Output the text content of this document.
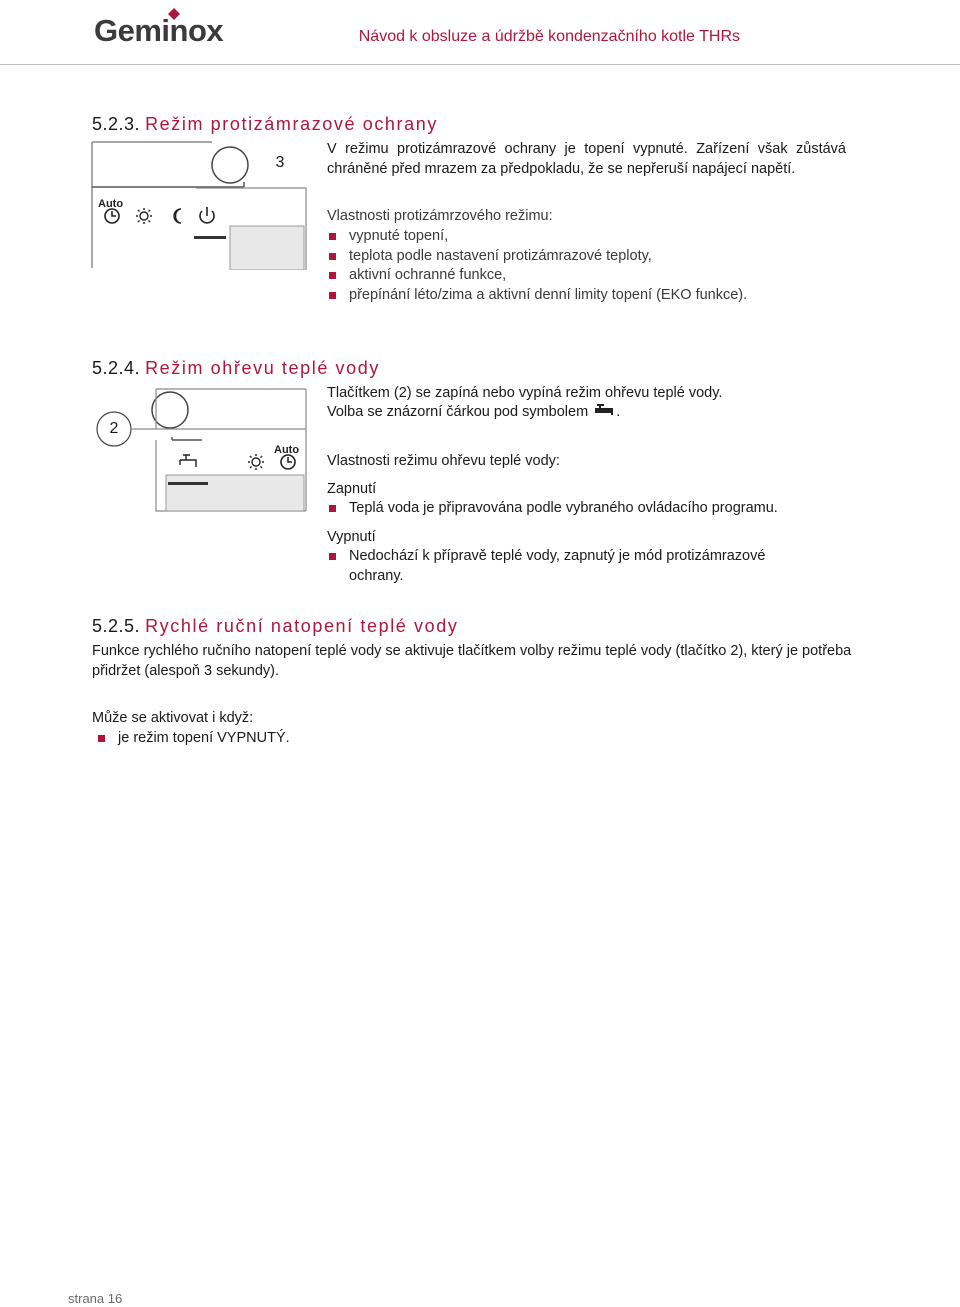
Geminox	Návod k obsluze a údržbě kondenzačního kotle THRs
5.2.3. Režim protizámrazové ochrany
Auto
3
V režimu protizámrazové ochrany je topení vypnuté. Zařízení však zůstává chráněné před mrazem za předpokladu, že se nepřeruší napájecí napětí.
Vlastnosti protizámrzového režimu:
vypnuté topení,
teplota podle nastavení protizámrazové teploty,
aktivní ochranné funkce,
přepínání léto/zima a aktivní denní limity topení (EKO funkce).
5.2.4. Režim ohřevu teplé vody
Auto
2
Tlačítkem (2) se zapíná nebo vypíná režim ohřevu teplé vody.
Volba se znázorní čárkou pod symbolem .
Vlastnosti režimu ohřevu teplé vody:
Zapnutí
Teplá voda je připravována podle vybraného ovládacího programu.
Vypnutí
Nedochází k přípravě teplé vody, zapnutý je mód protizámrazové ochrany.
5.2.5. Rychlé ruční natopení teplé vody
Funkce rychlého ručního natopení teplé vody se aktivuje tlačítkem volby režimu teplé vody (tlačítko 2), který je potřeba přidržet (alespoň 3 sekundy).
Může se aktivovat i když:
je režim topení VYPNUTÝ.
strana 16
